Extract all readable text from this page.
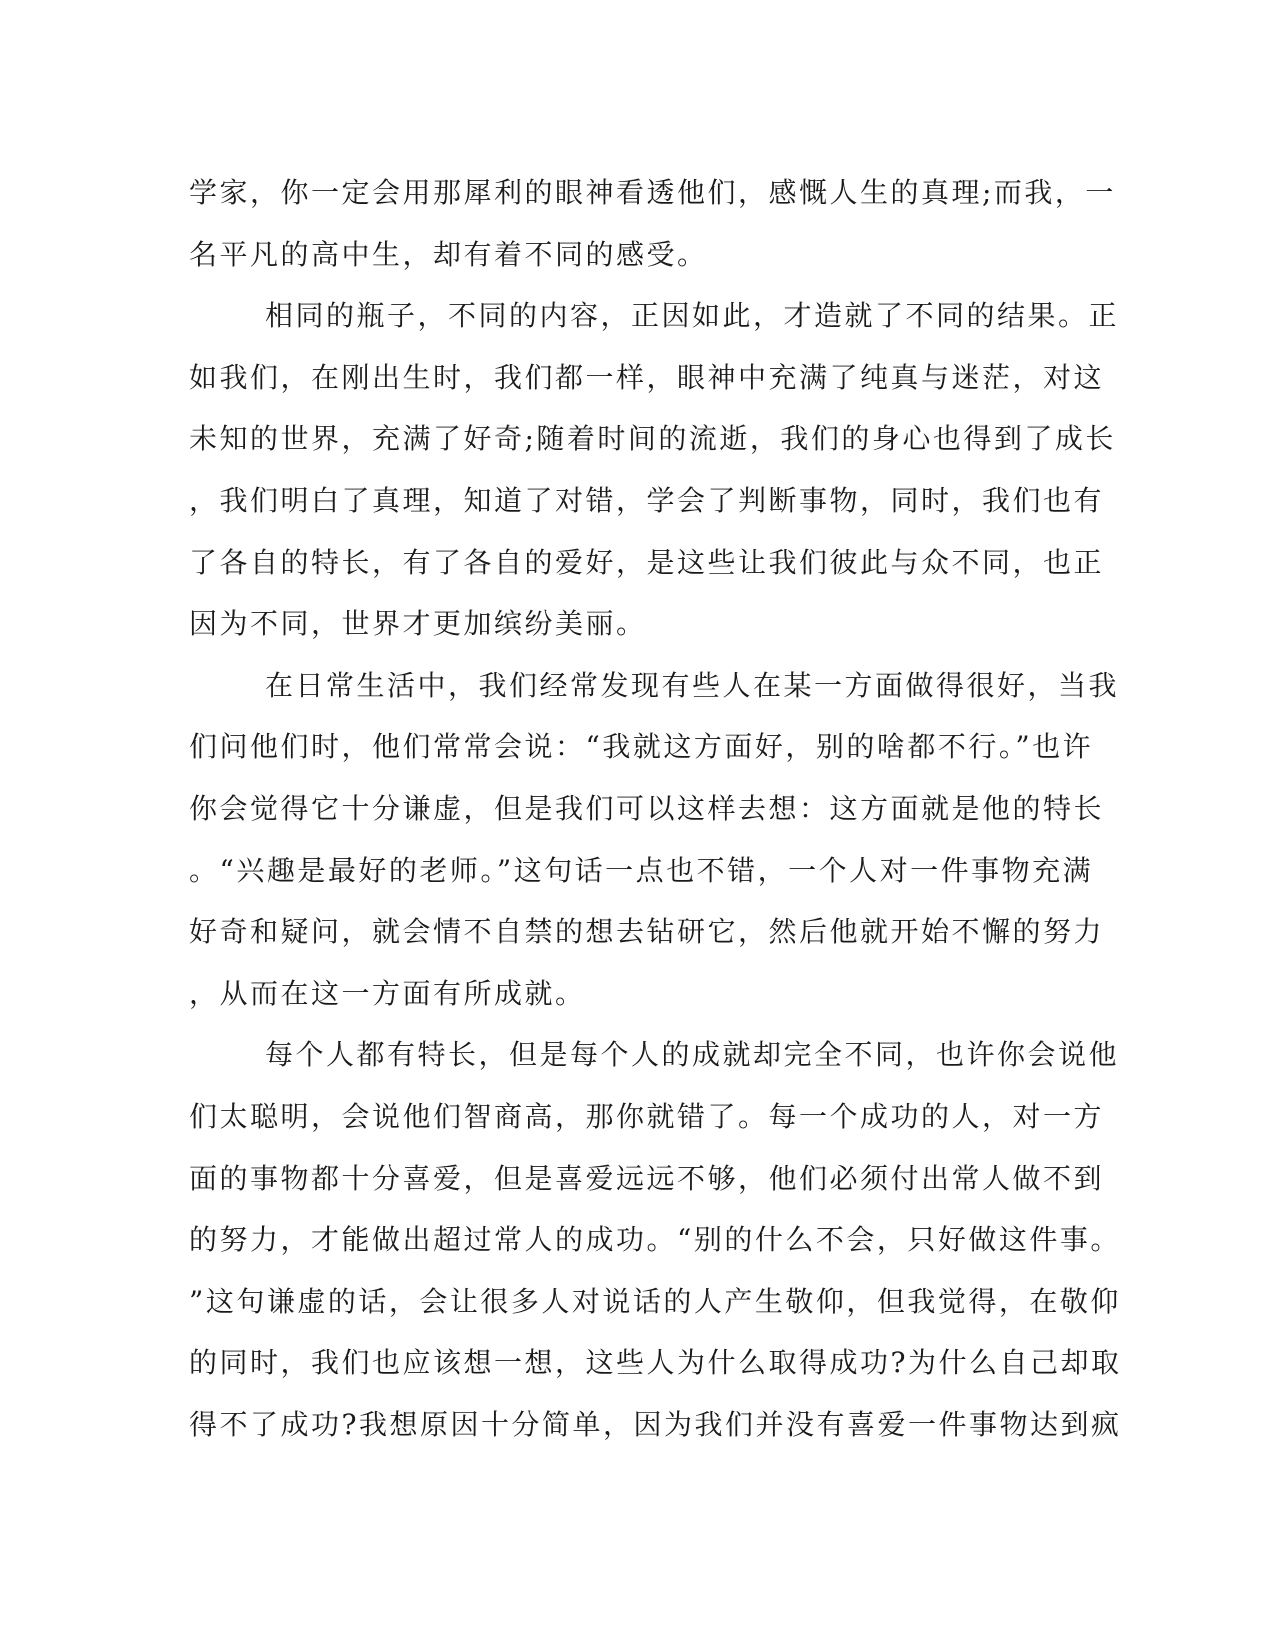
学家，你一定会用那犀利的眼神看透他们，感慨人生的真理;而我，一
名平凡的高中生，却有着不同的感受。
相同的瓶子，不同的内容，正因如此，才造就了不同的结果。正
如我们，在刚出生时，我们都一样，眼神中充满了纯真与迷茫，对这
未知的世界，充满了好奇;随着时间的流逝，我们的身心也得到了成长
，我们明白了真理，知道了对错，学会了判断事物，同时，我们也有
了各自的特长，有了各自的爱好，是这些让我们彼此与众不同，也正
因为不同，世界才更加缤纷美丽。
在日常生活中，我们经常发现有些人在某一方面做得很好，当我
们问他们时，他们常常会说：“我就这方面好，别的啥都不行。”也许
你会觉得它十分谦虚，但是我们可以这样去想：这方面就是他的特长
。“兴趣是最好的老师。”这句话一点也不错，一个人对一件事物充满
好奇和疑问，就会情不自禁的想去钻研它，然后他就开始不懈的努力
，从而在这一方面有所成就。
每个人都有特长，但是每个人的成就却完全不同，也许你会说他
们太聪明，会说他们智商高，那你就错了。每一个成功的人，对一方
面的事物都十分喜爱，但是喜爱远远不够，他们必须付出常人做不到
的努力，才能做出超过常人的成功。“别的什么不会，只好做这件事。
”这句谦虚的话，会让很多人对说话的人产生敬仰，但我觉得，在敬仰
的同时，我们也应该想一想，这些人为什么取得成功?为什么自己却取
得不了成功?我想原因十分简单，因为我们并没有喜爱一件事物达到疯
